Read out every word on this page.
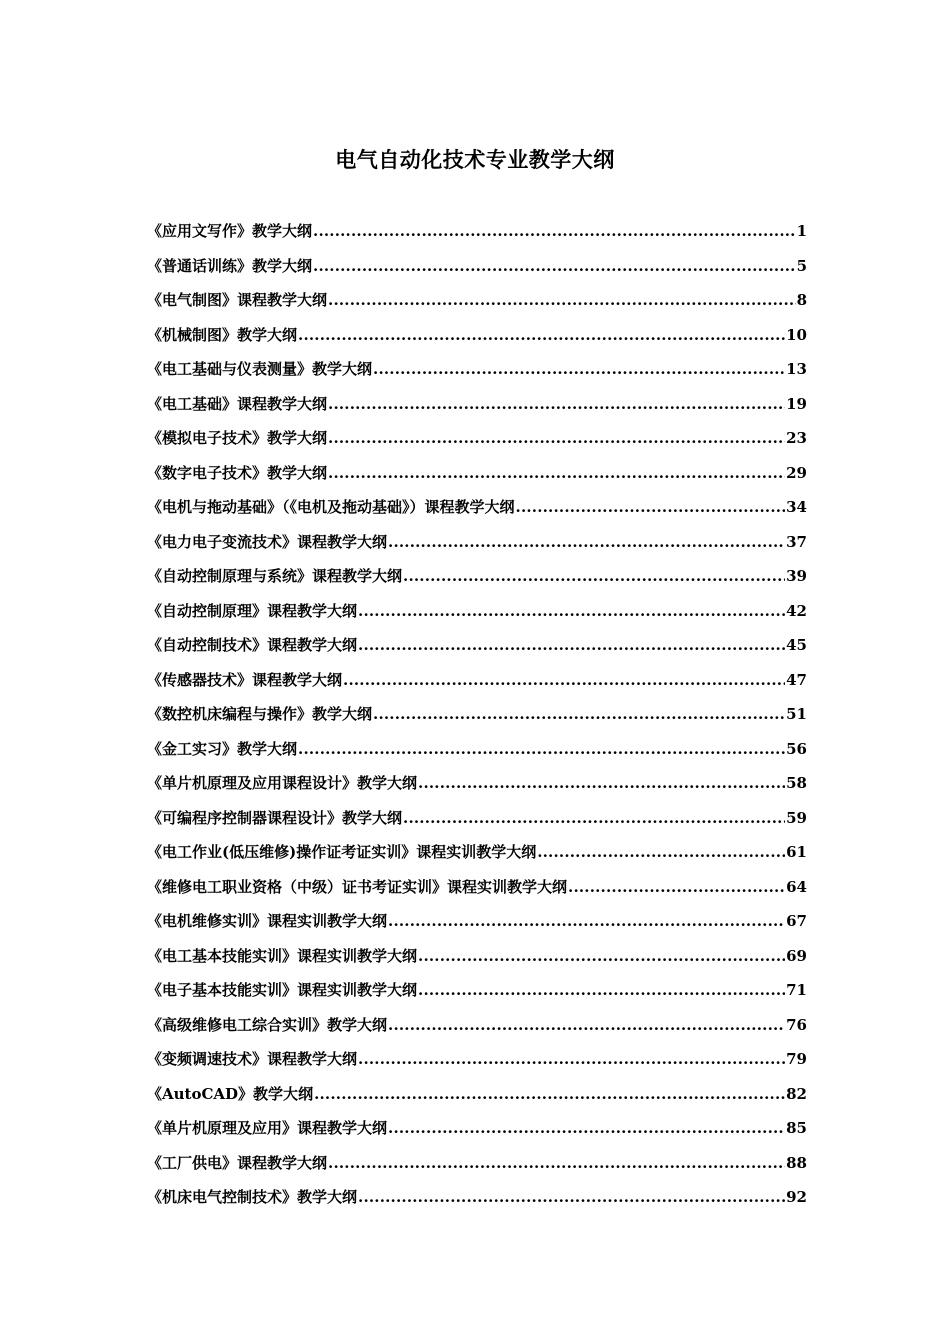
电气自动化技术专业教学大纲
《应用文写作》教学大纲 .....	1
《普通话训练》教学大纲 .....	5
《电气制图》课程教学大纲 .....	8
《机械制图》教学大纲 .....	10
《电工基础与仪表测量》教学大纲 .....	13
《电工基础》课程教学大纲 .....	19
《模拟电子技术》教学大纲 .....	23
《数字电子技术》教学大纲 .....	29
《电机与拖动基础》（《电机及拖动基础》）课程教学大纲 .....	34
《电力电子变流技术》课程教学大纲 .....	37
《自动控制原理与系统》课程教学大纲 .....	39
《自动控制原理》课程教学大纲 .....	42
《自动控制技术》课程教学大纲 .....	45
《传感器技术》课程教学大纲 .....	47
《数控机床编程与操作》教学大纲 .....	51
《金工实习》教学大纲 .....	56
《单片机原理及应用课程设计》教学大纲 .....	58
《可编程序控制器课程设计》教学大纲 .....	59
《电工作业(低压维修)操作证考证实训》课程实训教学大纲 .....	61
《维修电工职业资格（中级）证书考证实训》课程实训教学大纲 .....	64
《电机维修实训》课程实训教学大纲 .....	67
《电工基本技能实训》课程实训教学大纲 .....	69
《电子基本技能实训》课程实训教学大纲 .....	71
《高级维修电工综合实训》教学大纲 .....	76
《变频调速技术》课程教学大纲 .....	79
《AutoCAD》教学大纲 .....	82
《单片机原理及应用》课程教学大纲 .....	85
《工厂供电》课程教学大纲 .....	88
《机床电气控制技术》教学大纲 .....	92
